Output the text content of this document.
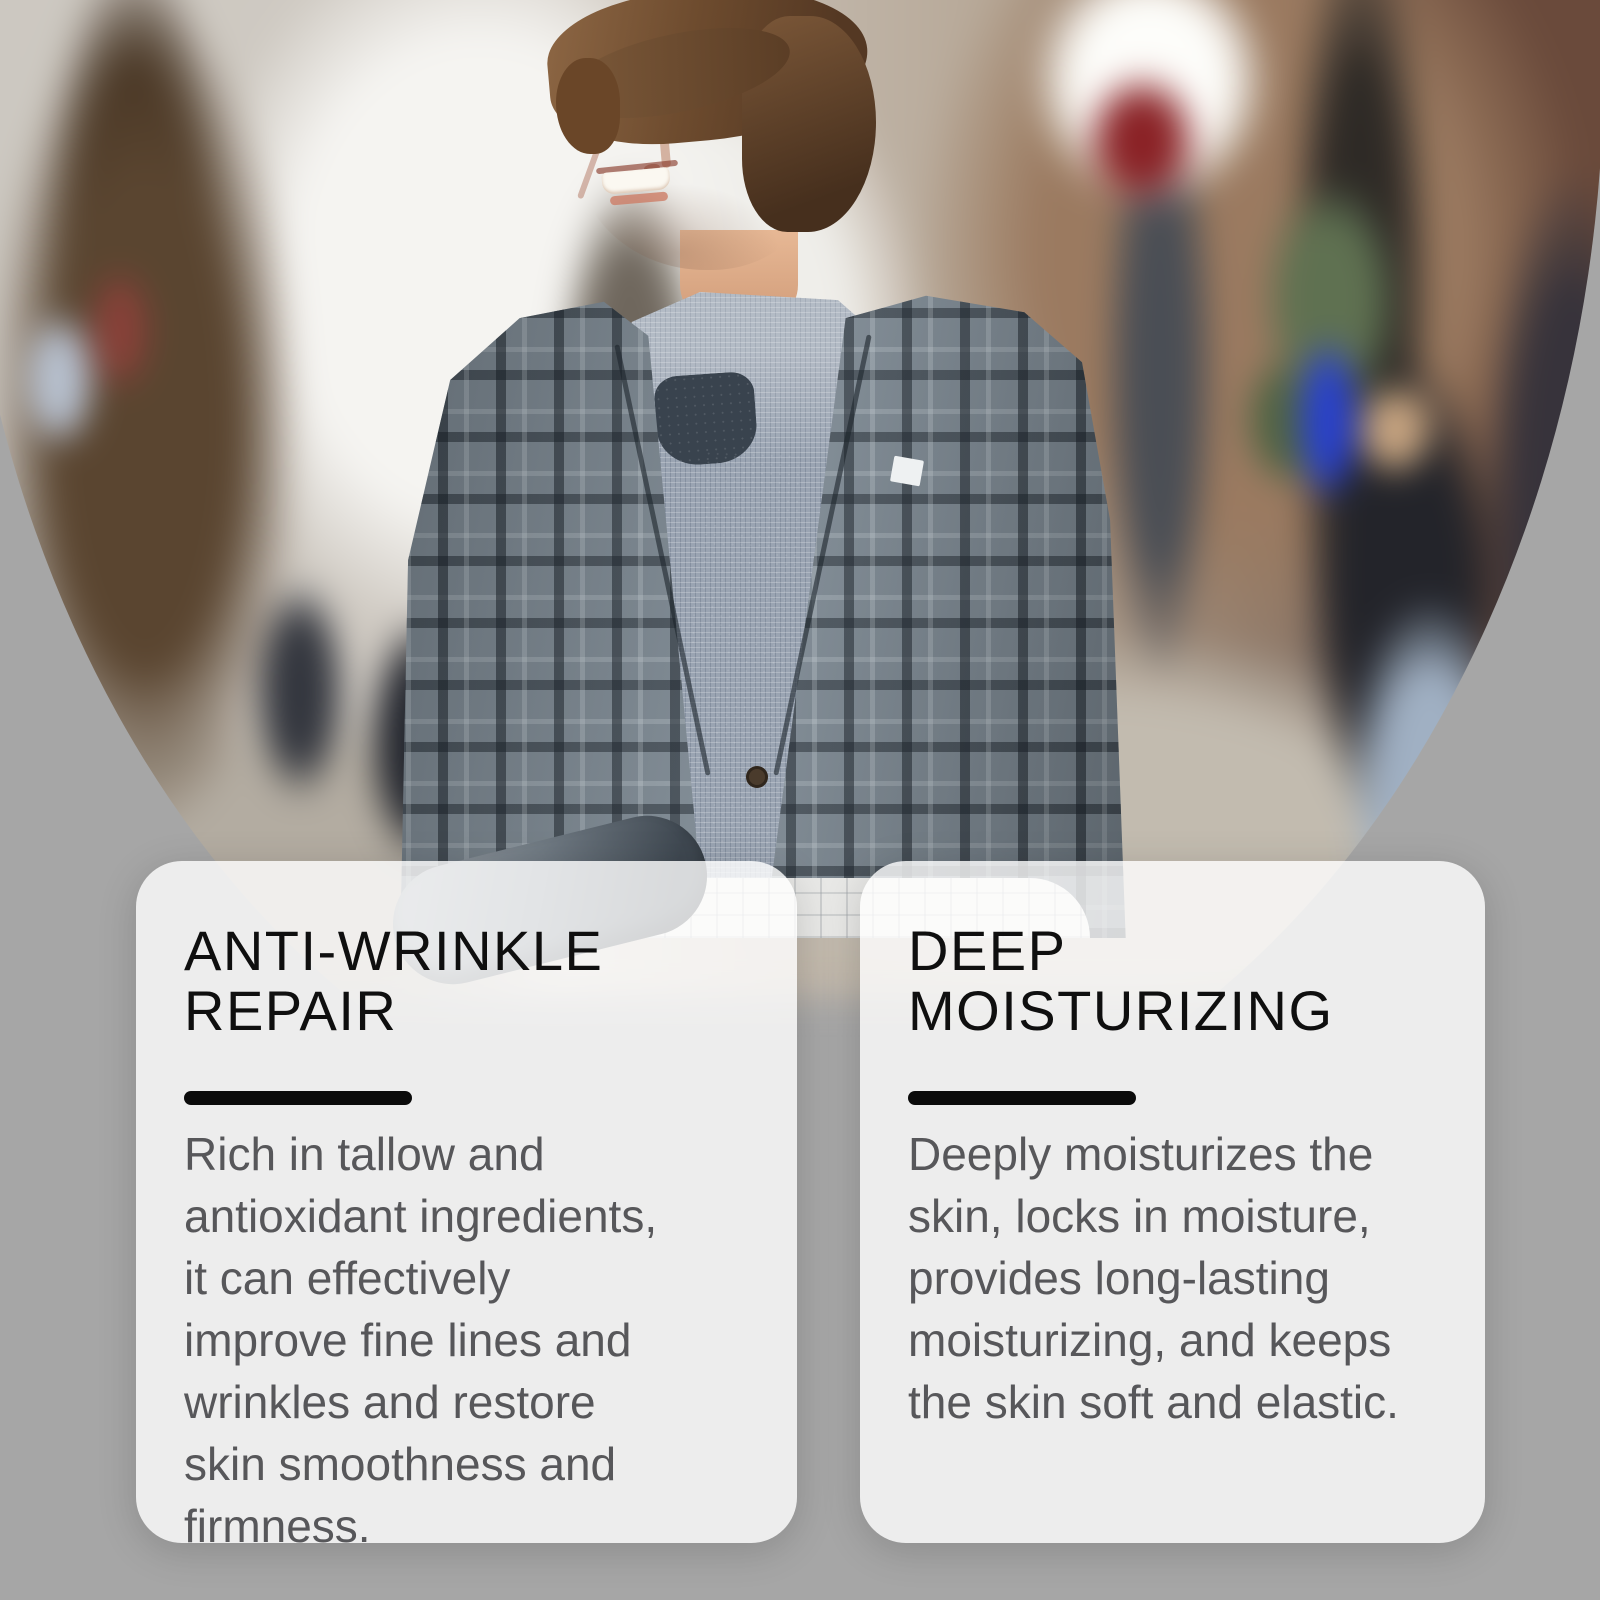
ANTI-WRINKLE
REPAIR

Rich in tallow and
antioxidant ingredients,
it can effectively
improve fine lines and
wrinkles and restore
skin smoothness and
firmness.

DEEP
MOISTURIZING

Deeply moisturizes the
skin, locks in moisture,
provides long-lasting
moisturizing, and keeps
the skin soft and elastic.
